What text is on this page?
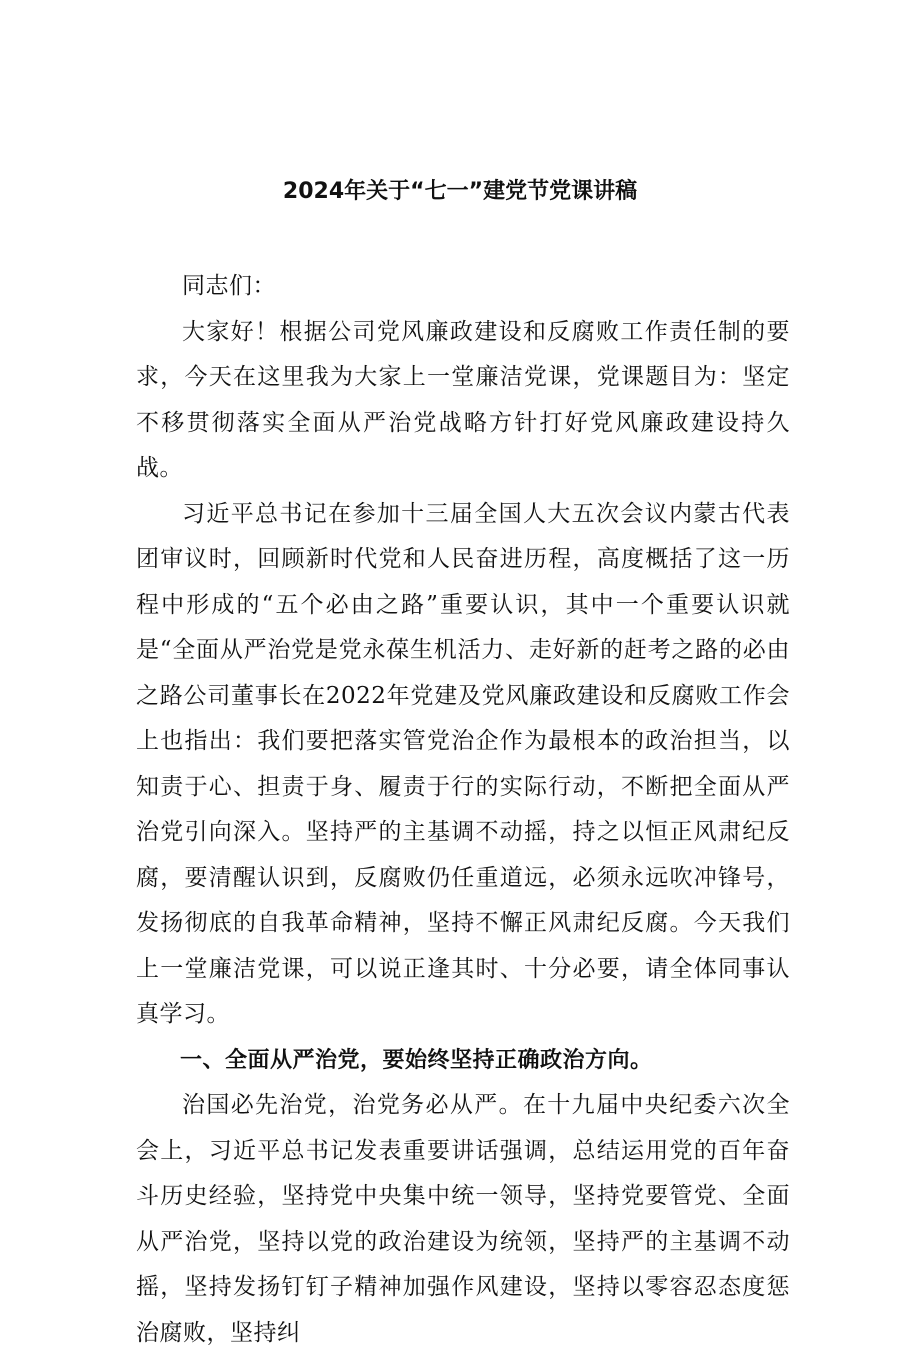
2024年关于“七一”建党节党课讲稿

同志们：

大家好！根据公司党风廉政建设和反腐败工作责任制的要求，今天在这里我为大家上一堂廉洁党课，党课题目为：坚定不移贯彻落实全面从严治党战略方针打好党风廉政建设持久战。

习近平总书记在参加十三届全国人大五次会议内蒙古代表团审议时，回顾新时代党和人民奋进历程，高度概括了这一历程中形成的“五个必由之路”重要认识，其中一个重要认识就是“全面从严治党是党永葆生机活力、走好新的赶考之路的必由之路公司董事长在2022年党建及党风廉政建设和反腐败工作会上也指出：我们要把落实管党治企作为最根本的政治担当，以知责于心、担责于身、履责于行的实际行动，不断把全面从严治党引向深入。坚持严的主基调不动摇，持之以恒正风肃纪反腐，要清醒认识到，反腐败仍任重道远，必须永远吹冲锋号，发扬彻底的自我革命精神，坚持不懈正风肃纪反腐。今天我们上一堂廉洁党课，可以说正逢其时、十分必要，请全体同事认真学习。

一、全面从严治党，要始终坚持正确政治方向。

治国必先治党，治党务必从严。在十九届中央纪委六次全会上，习近平总书记发表重要讲话强调，总结运用党的百年奋斗历史经验，坚持党中央集中统一领导，坚持党要管党、全面从严治党，坚持以党的政治建设为统领，坚持严的主基调不动摇，坚持发扬钉钉子精神加强作风建设，坚持以零容忍态度惩治腐败，坚持纠
